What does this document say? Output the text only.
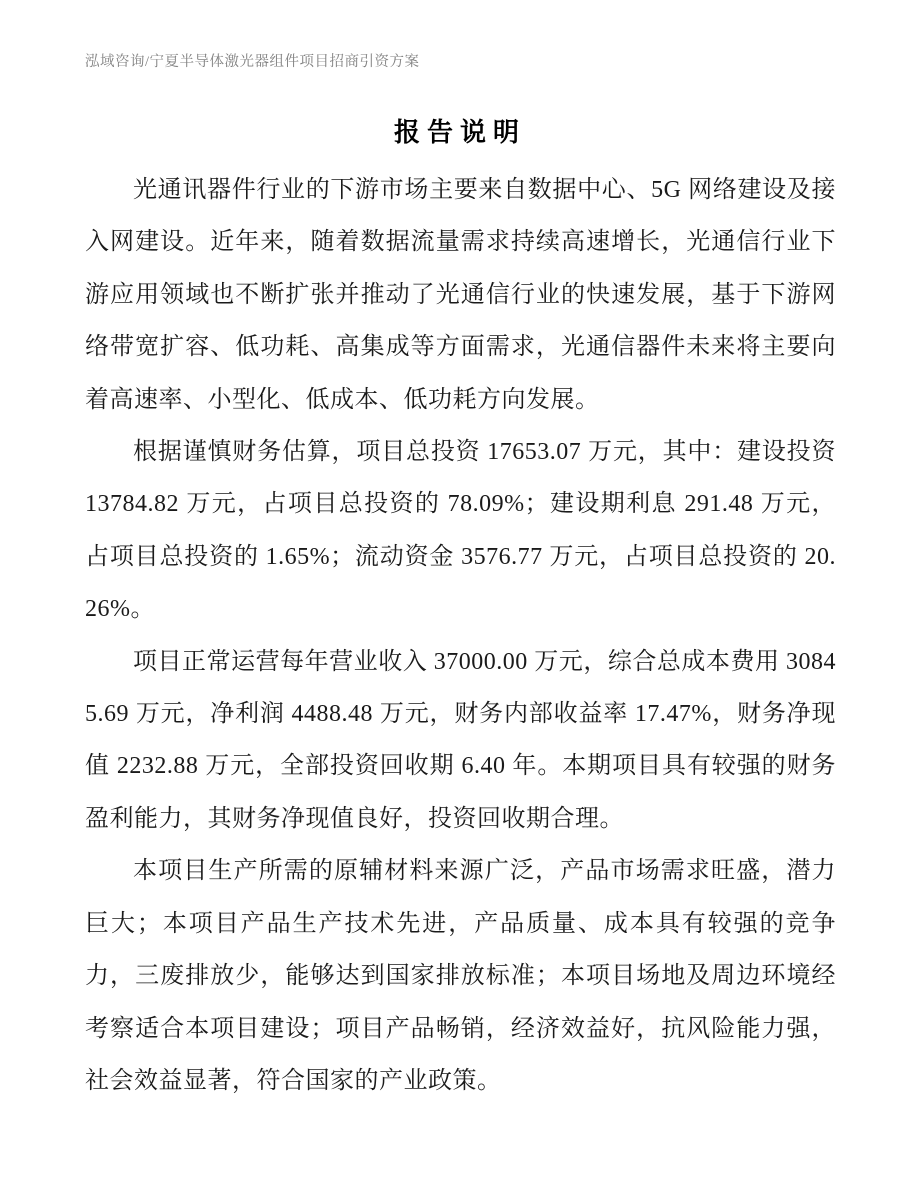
泓域咨询/宁夏半导体激光器组件项目招商引资方案
报告说明

光通讯器件行业的下游市场主要来自数据中心、5G 网络建设及接入网建设。近年来，随着数据流量需求持续高速增长，光通信行业下游应用领域也不断扩张并推动了光通信行业的快速发展，基于下游网络带宽扩容、低功耗、高集成等方面需求，光通信器件未来将主要向着高速率、小型化、低成本、低功耗方向发展。

根据谨慎财务估算，项目总投资 17653.07 万元，其中：建设投资 13784.82 万元，占项目总投资的 78.09%；建设期利息 291.48 万元，占项目总投资的 1.65%；流动资金 3576.77 万元，占项目总投资的 20.26%。

项目正常运营每年营业收入 37000.00 万元，综合总成本费用 30845.69 万元，净利润 4488.48 万元，财务内部收益率 17.47%，财务净现值 2232.88 万元，全部投资回收期 6.40 年。本期项目具有较强的财务盈利能力，其财务净现值良好，投资回收期合理。

本项目生产所需的原辅材料来源广泛，产品市场需求旺盛，潜力巨大；本项目产品生产技术先进，产品质量、成本具有较强的竞争力，三废排放少，能够达到国家排放标准；本项目场地及周边环境经考察适合本项目建设；项目产品畅销，经济效益好，抗风险能力强，社会效益显著，符合国家的产业政策。
